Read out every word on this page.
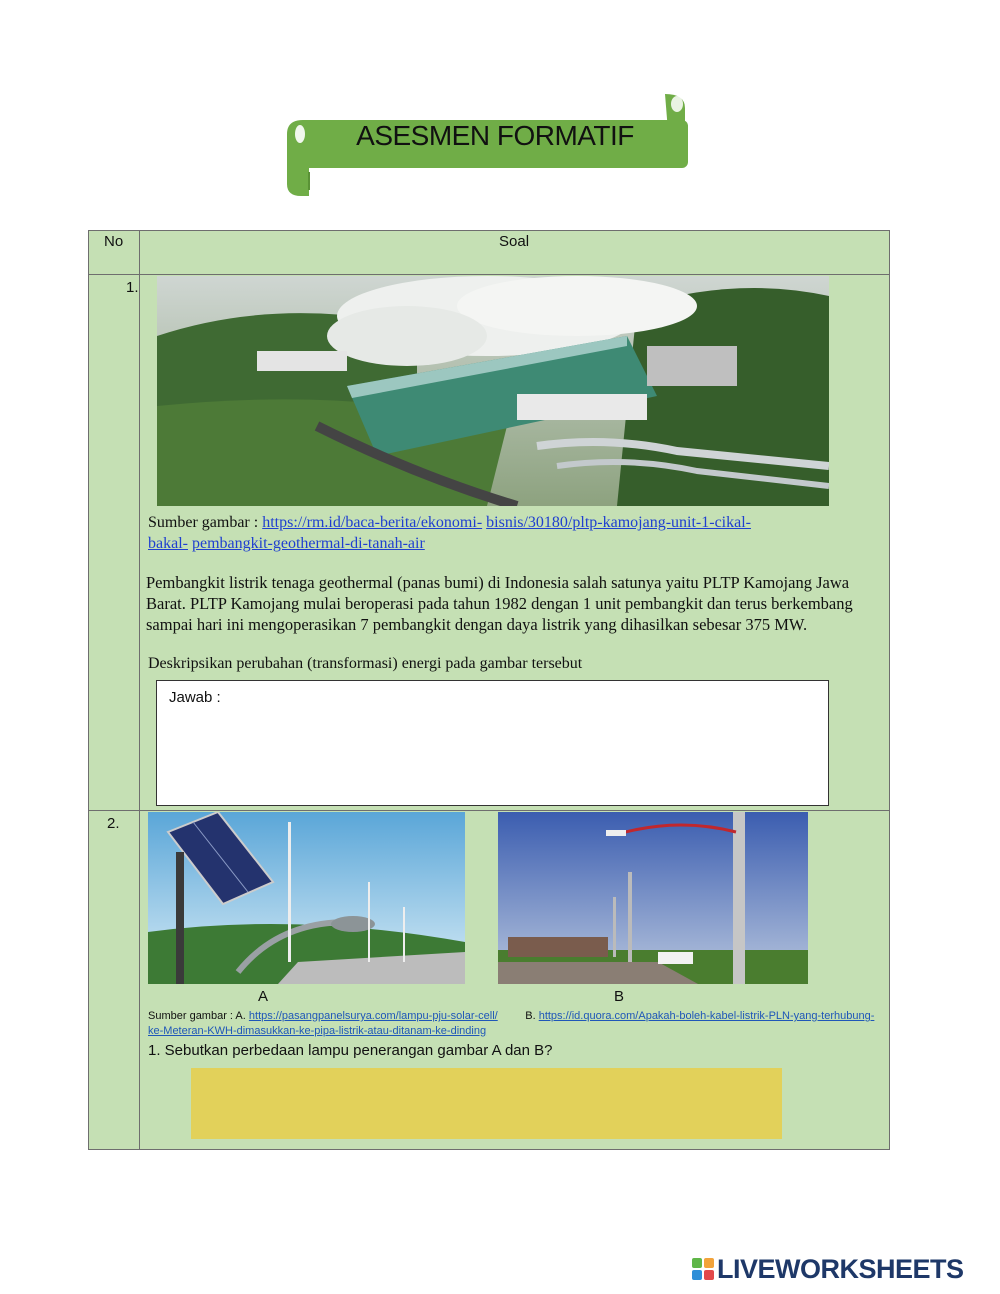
ASESMEN FORMATIF
No	Soal
1.
Sumber gambar : https://rm.id/baca-berita/ekonomi- bisnis/30180/pltp-kamojang-unit-1-cikal-
bakal- pembangkit-geothermal-di-tanah-air
Pembangkit listrik tenaga geothermal (panas bumi) di Indonesia salah satunya yaitu PLTP Kamojang Jawa Barat. PLTP Kamojang mulai beroperasi pada tahun 1982 dengan 1 unit pembangkit dan terus berkembang sampai hari ini mengoperasikan 7 pembangkit dengan daya listrik yang dihasilkan sebesar 375 MW.
Deskripsikan perubahan (transformasi) energi pada gambar tersebut
Jawab :
2.
A	B
Sumber gambar : A. https://pasangpanelsurya.com/lampu-pju-solar-cell/	B. https://id.quora.com/Apakah-boleh-kabel-listrik-PLN-yang-terhubung-ke-Meteran-KWH-dimasukkan-ke-pipa-listrik-atau-ditanam-ke-dinding
1. Sebutkan perbedaan lampu penerangan gambar A dan B?
LIVEWORKSHEETS
